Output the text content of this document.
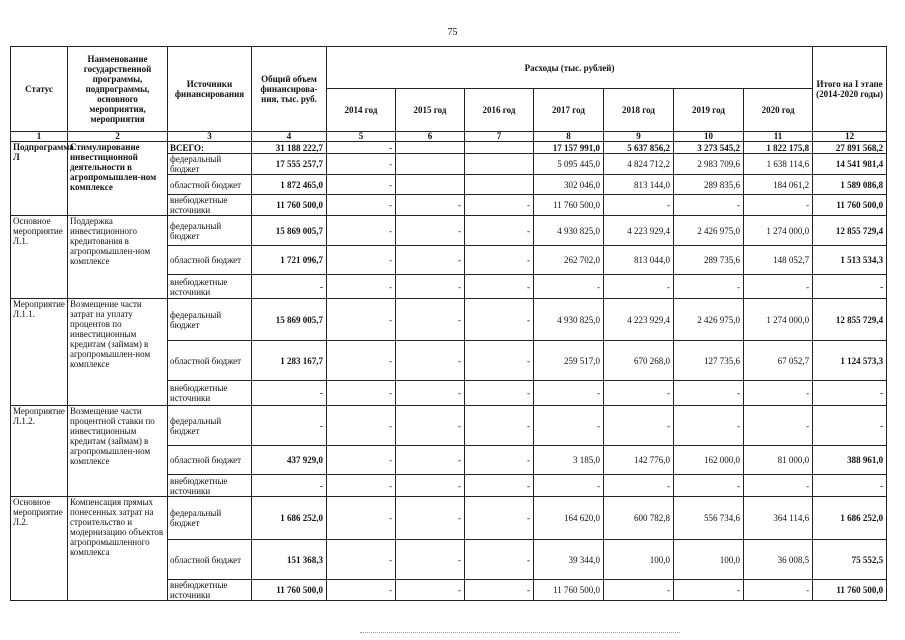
75
Статус	Наименование государственной программы, подпрограммы, основного мероприятия, мероприятия	Источники финансирования	Общий объем финансирова-ния, тыс. руб.	Расходы (тыс. рублей)							Итого на I этапе (2014-2020 годы)
				2014 год	2015 год	2016 год	2017 год	2018 год	2019 год	2020 год	
1	2	3	4	5	6	7	8	9	10	11	12
Подпрограмма Л	Стимулирование инвестиционной деятельности в агропромышлен-ном комплексе	ВСЕГО:	31 188 222,7	-			17 157 991,0	5 637 856,2	3 273 545,2	1 822 175,8	27 891 568,2
		федеральный бюджет	17 555 257,7	-			5 095 445,0	4 824 712,2	2 983 709,6	1 638 114,6	14 541 981,4
		областной бюджет	1 872 465,0	-			302 046,0	813 144,0	289 835,6	184 061,2	1 589 086,8
		внебюджетные источники	11 760 500,0	-	-	-	11 760 500,0	-	-	-	11 760 500,0
Основное мероприятие Л.1.	Поддержка инвестиционного кредитования в агропромышлен-ном комплексе	федеральный бюджет	15 869 005,7	-	-	-	4 930 825,0	4 223 929,4	2 426 975,0	1 274 000,0	12 855 729,4
		областной бюджет	1 721 096,7	-	-	-	262 702,0	813 044,0	289 735,6	148 052,7	1 513 534,3
		внебюджетные источники	-	-	-	-	-	-	-	-	-
Мероприятие Л.1.1.	Возмещение части затрат на уплату процентов по инвестиционным кредитам (займам) в агропромышлен-ном комплексе	федеральный бюджет	15 869 005,7	-	-	-	4 930 825,0	4 223 929,4	2 426 975,0	1 274 000,0	12 855 729,4
		областной бюджет	1 283 167,7	-	-	-	259 517,0	670 268,0	127 735,6	67 052,7	1 124 573,3
		внебюджетные источники	-	-	-	-	-	-	-	-	-
Мероприятие Л.1.2.	Возмещение части процентной ставки по инвестиционным кредитам (займам) в агропромышлен-ном комплексе	федеральный бюджет	-	-	-	-	-	-	-	-	-
		областной бюджет	437 929,0	-	-	-	3 185,0	142 776,0	162 000,0	81 000,0	388 961,0
		внебюджетные источники	-	-	-	-	-	-	-	-	-
Основное мероприятие Л.2.	Компенсация прямых понесенных затрат на строительство и модернизацию объектов агропромышленного комплекса	федеральный бюджет	1 686 252,0	-	-	-	164 620,0	600 782,8	556 734,6	364 114,6	1 686 252,0
		областной бюджет	151 368,3	-	-	-	39 344,0	100,0	100,0	36 008,5	75 552,5
		внебюджетные источники	11 760 500,0	-	-	-	11 760 500,0	-	-	-	11 760 500,0
